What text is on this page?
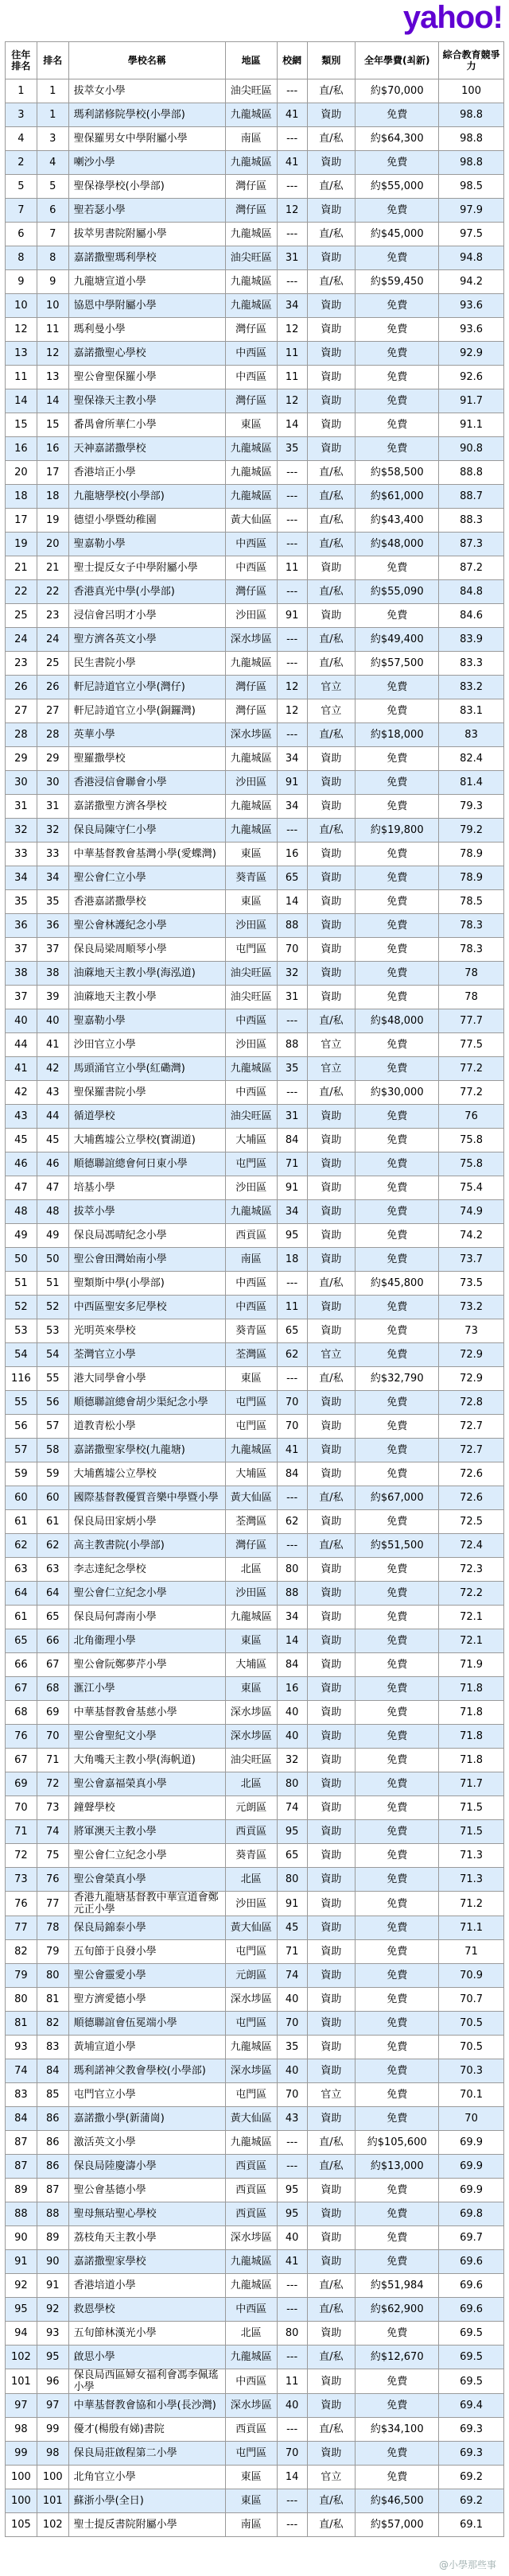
yahoo!
往年排名	排名	學校名稱	地區	校網	類別	全年學費(최新)	綜合教育競爭力
1	1	拔萃女小學	油尖旺區	---	直/私	約$70,000	100
3	1	瑪利諾修院學校(小學部)	九龍城區	41	資助	免費	98.8
4	3	聖保羅男女中學附屬小學	南區	---	直/私	約$64,300	98.8
2	4	喇沙小學	九龍城區	41	資助	免費	98.8
5	5	聖保祿學校(小學部)	灣仔區	---	直/私	約$55,000	98.5
7	6	聖若瑟小學	灣仔區	12	資助	免費	97.9
6	7	拔萃男書院附屬小學	九龍城區	---	直/私	約$45,000	97.5
8	8	嘉諾撒聖瑪利學校	油尖旺區	31	資助	免費	94.8
9	9	九龍塘宣道小學	九龍城區	---	直/私	約$59,450	94.2
10	10	協恩中學附屬小學	九龍城區	34	資助	免費	93.6
12	11	瑪利曼小學	灣仔區	12	資助	免費	93.6
13	12	嘉諾撒聖心學校	中西區	11	資助	免費	92.9
11	13	聖公會聖保羅小學	中西區	11	資助	免費	92.6
14	14	聖保祿天主教小學	灣仔區	12	資助	免費	91.7
15	15	番禺會所華仁小學	東區	14	資助	免費	91.1
16	16	天神嘉諾撒學校	九龍城區	35	資助	免費	90.8
20	17	香港培正小學	九龍城區	---	直/私	約$58,500	88.8
18	18	九龍塘學校(小學部)	九龍城區	---	直/私	約$61,000	88.7
17	19	德望小學暨幼稚園	黃大仙區	---	直/私	約$43,400	88.3
19	20	聖嘉勒小學	中西區	---	直/私	約$48,000	87.3
21	21	聖士提反女子中學附屬小學	中西區	11	資助	免費	87.2
22	22	香港真光中學(小學部)	灣仔區	---	直/私	約$55,090	84.8
25	23	浸信會呂明才小學	沙田區	91	資助	免費	84.6
24	24	聖方濟各英文小學	深水埗區	---	直/私	約$49,400	83.9
23	25	民生書院小學	九龍城區	---	直/私	約$57,500	83.3
26	26	軒尼詩道官立小學(灣仔)	灣仔區	12	官立	免費	83.2
27	27	軒尼詩道官立小學(銅鑼灣)	灣仔區	12	官立	免費	83.1
28	28	英華小學	深水埗區	---	直/私	約$18,000	83
29	29	聖羅撒學校	九龍城區	34	資助	免費	82.4
30	30	香港浸信會聯會小學	沙田區	91	資助	免費	81.4
31	31	嘉諾撒聖方濟各學校	九龍城區	34	資助	免費	79.3
32	32	保良局陳守仁小學	九龍城區	---	直/私	約$19,800	79.2
33	33	中華基督教會基灣小學(愛蝶灣)	東區	16	資助	免費	78.9
34	34	聖公會仁立小學	葵青區	65	資助	免費	78.9
35	35	香港嘉諾撒學校	東區	14	資助	免費	78.5
36	36	聖公會林護紀念小學	沙田區	88	資助	免費	78.3
37	37	保良局梁周順琴小學	屯門區	70	資助	免費	78.3
38	38	油蔴地天主教小學(海泓道)	油尖旺區	32	資助	免費	78
37	39	油蔴地天主教小學	油尖旺區	31	資助	免費	78
40	40	聖嘉勒小學	中西區	---	直/私	約$48,000	77.7
44	41	沙田官立小學	沙田區	88	官立	免費	77.5
41	42	馬頭涌官立小學(紅磡灣)	九龍城區	35	官立	免費	77.2
42	43	聖保羅書院小學	中西區	---	直/私	約$30,000	77.2
43	44	循道學校	油尖旺區	31	資助	免費	76
45	45	大埔舊墟公立學校(寶湖道)	大埔區	84	資助	免費	75.8
46	46	順德聯誼總會何日東小學	屯門區	71	資助	免費	75.8
47	47	培基小學	沙田區	91	資助	免費	75.4
48	48	拔萃小學	九龍城區	34	資助	免費	74.9
49	49	保良局馮晴紀念小學	西貢區	95	資助	免費	74.2
50	50	聖公會田灣始南小學	南區	18	資助	免費	73.7
51	51	聖類斯中學(小學部)	中西區	---	直/私	約$45,800	73.5
52	52	中西區聖安多尼學校	中西區	11	資助	免費	73.2
53	53	光明英來學校	葵青區	65	資助	免費	73
54	54	荃灣官立小學	荃灣區	62	官立	免費	72.9
116	55	港大同學會小學	東區	---	直/私	約$32,790	72.9
55	56	順德聯誼總會胡少渠紀念小學	屯門區	70	資助	免費	72.8
56	57	道教青松小學	屯門區	70	資助	免費	72.7
57	58	嘉諾撒聖家學校(九龍塘)	九龍城區	41	資助	免費	72.7
59	59	大埔舊墟公立學校	大埔區	84	資助	免費	72.6
60	60	國際基督教優質音樂中學暨小學	黃大仙區	---	直/私	約$67,000	72.6
61	61	保良局田家炳小學	荃灣區	62	資助	免費	72.5
62	62	高主教書院(小學部)	灣仔區	---	直/私	約$51,500	72.4
63	63	李志達紀念學校	北區	80	資助	免費	72.3
64	64	聖公會仁立紀念小學	沙田區	88	資助	免費	72.2
61	65	保良局何壽南小學	九龍城區	34	資助	免費	72.1
65	66	北角衞理小學	東區	14	資助	免費	72.1
66	67	聖公會阮鄭夢芹小學	大埔區	84	資助	免費	71.9
67	68	滙江小學	東區	16	資助	免費	71.8
68	69	中華基督教會基慈小學	深水埗區	40	資助	免費	71.8
76	70	聖公會聖紀文小學	深水埗區	40	資助	免費	71.8
67	71	大角嘴天主教小學(海帆道)	油尖旺區	32	資助	免費	71.8
69	72	聖公會嘉福榮真小學	北區	80	資助	免費	71.7
70	73	鐘聲學校	元朗區	74	資助	免費	71.5
71	74	將軍澳天主教小學	西貢區	95	資助	免費	71.5
72	75	聖公會仁立紀念小學	葵青區	65	資助	免費	71.3
73	76	聖公會榮真小學	北區	80	資助	免費	71.3
76	77	香港九龍塘基督教中華宣道會鄭元正小學	沙田區	91	資助	免費	71.2
77	78	保良局錦泰小學	黃大仙區	45	資助	免費	71.1
82	79	五旬節于良發小學	屯門區	71	資助	免費	71
79	80	聖公會靈愛小學	元朗區	74	資助	免費	70.9
80	81	聖方濟愛德小學	深水埗區	40	資助	免費	70.7
81	82	順德聯誼會伍冕端小學	屯門區	70	資助	免費	70.5
93	83	黃埔宣道小學	九龍城區	35	資助	免費	70.5
74	84	瑪利諾神父教會學校(小學部)	深水埗區	40	資助	免費	70.3
83	85	屯門官立小學	屯門區	70	官立	免費	70.1
84	86	嘉諾撒小學(新蒲崗)	黃大仙區	43	資助	免費	70
87	86	激活英文小學	九龍城區	---	直/私	約$105,600	69.9
87	86	保良局陸慶濤小學	西貢區	---	直/私	約$13,000	69.9
89	87	聖公會基德小學	西貢區	95	資助	免費	69.9
88	88	聖母無玷聖心學校	西貢區	95	資助	免費	69.8
90	89	荔枝角天主教小學	深水埗區	40	資助	免費	69.7
91	90	嘉諾撒聖家學校	九龍城區	41	資助	免費	69.6
92	91	香港培道小學	九龍城區	---	直/私	約$51,984	69.6
95	92	救恩學校	中西區	---	直/私	約$62,900	69.6
94	93	五旬節林漢光小學	北區	80	資助	免費	69.5
102	95	啟思小學	九龍城區	---	直/私	約$12,670	69.5
101	96	保良局西區婦女福利會馮李佩瑤小學	中西區	11	資助	免費	69.5
97	97	中華基督教會協和小學(長沙灣)	深水埗區	40	資助	免費	69.4
98	99	優才(楊殷有娣)書院	西貢區	---	直/私	約$34,100	69.3
99	98	保良局莊啟程第二小學	屯門區	70	資助	免費	69.3
100	100	北角官立小學	東區	14	官立	免費	69.2
100	101	蘇浙小學(全日)	東區	---	直/私	約$46,500	69.2
105	102	聖士提反書院附屬小學	南區	---	直/私	約$57,000	69.1
@小學那些事
